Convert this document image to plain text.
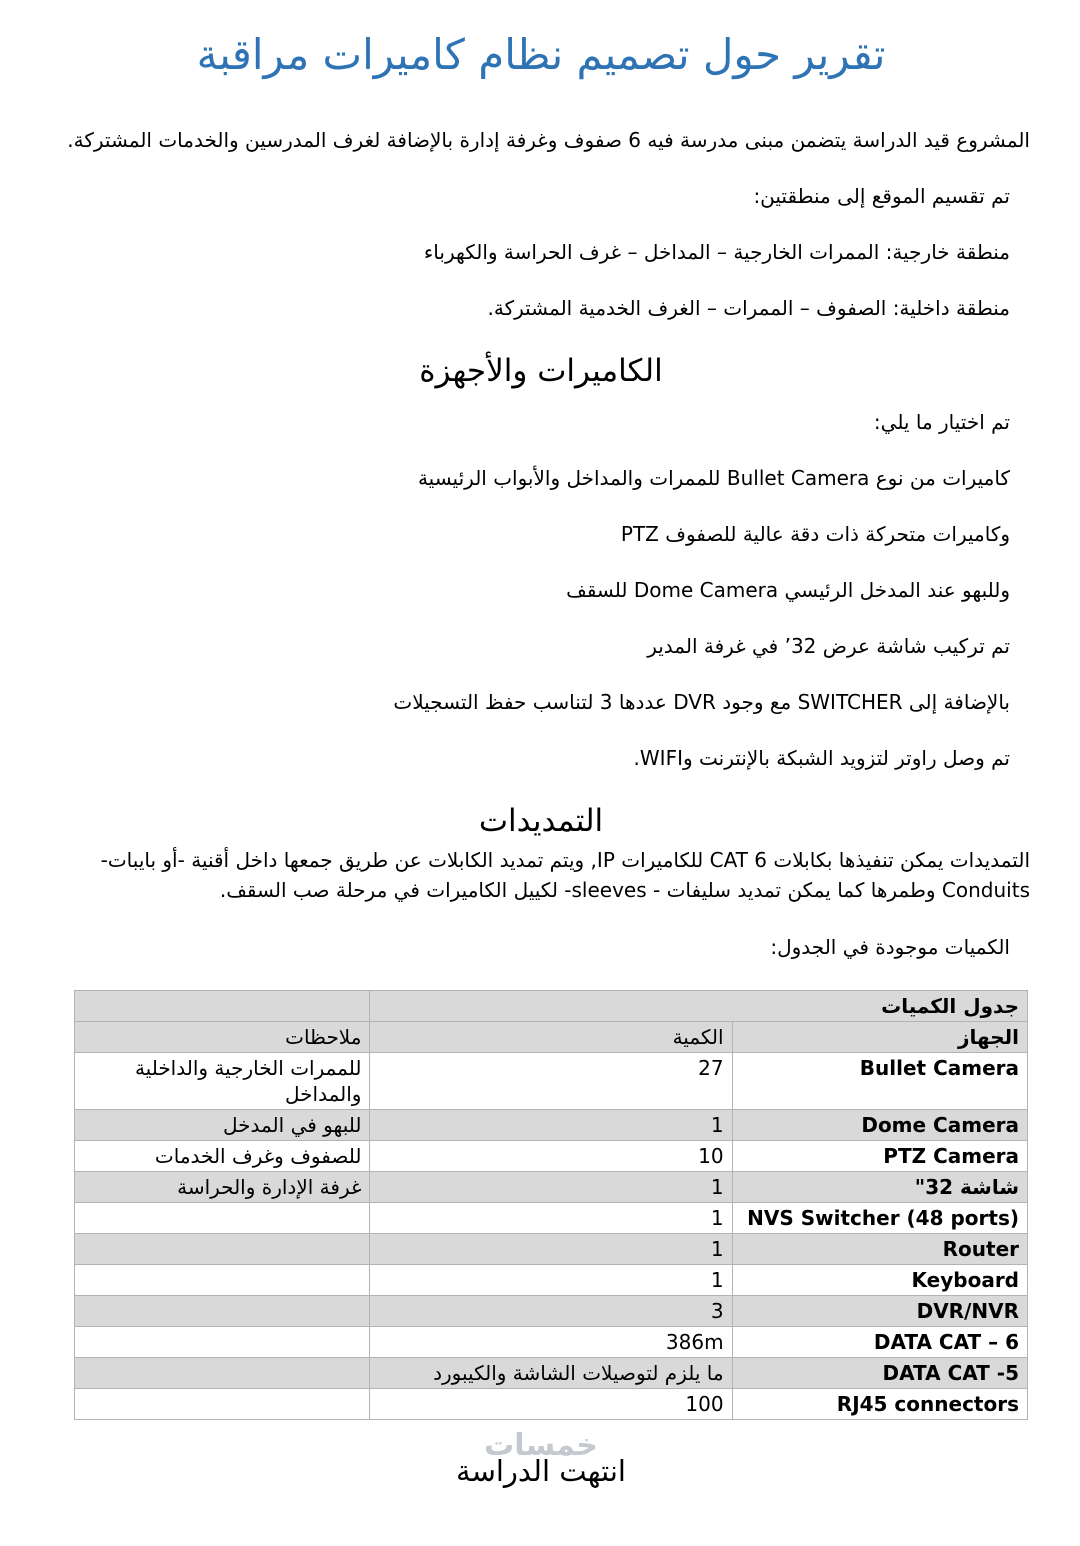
تقرير حول تصميم نظام كاميرات مراقبة

المشروع قيد الدراسة يتضمن مبنى مدرسة فيه 6 صفوف وغرفة إدارة بالإضافة لغرف المدرسين والخدمات المشتركة.

تم تقسيم الموقع إلى منطقتين:

منطقة خارجية: الممرات الخارجية – المداخل – غرف الحراسة والكهرباء

منطقة داخلية: الصفوف – الممرات – الغرف الخدمية المشتركة.

الكاميرات والأجهزة

تم اختيار ما يلي:

كاميرات من نوع Bullet Camera للممرات والمداخل والأبواب الرئيسية

وكاميرات متحركة ذات دقة عالية للصفوف PTZ

وللبهو عند المدخل الرئيسي Dome Camera للسقف

تم تركيب شاشة عرض 32’ في غرفة المدير

بالإضافة إلى SWITCHER مع وجود DVR عددها 3 لتناسب حفظ التسجيلات

تم وصل راوتر لتزويد الشبكة بالإنترنت وWIFI.

التمديدات

التمديدات يمكن تنفيذها بكابلات CAT 6 للكاميرات IP, ويتم تمديد الكابلات عن طريق جمعها داخل أقنية -أو بايبات- Conduits وطمرها كما يمكن تمديد سليفات - sleeves- لكييل الكاميرات في مرحلة صب السقف.

الكميات موجودة في الجدول:

جدول الكميات		
الجهاز	الكمية	ملاحظات
Bullet Camera	27	للممرات الخارجية والداخلية والمداخل
Dome Camera	1	للبهو في المدخل
PTZ Camera	10	للصفوف وغرف الخدمات
شاشة 32"	1	غرفة الإدارة والحراسة
NVS Switcher (48 ports)	1	
Router	1	
Keyboard	1	
DVR/NVR	3	
DATA CAT – 6	386m	
DATA CAT -5	ما يلزم لتوصيلات الشاشة والكيبورد	
RJ45 connectors	100	
خمسات
انتهت الدراسة
